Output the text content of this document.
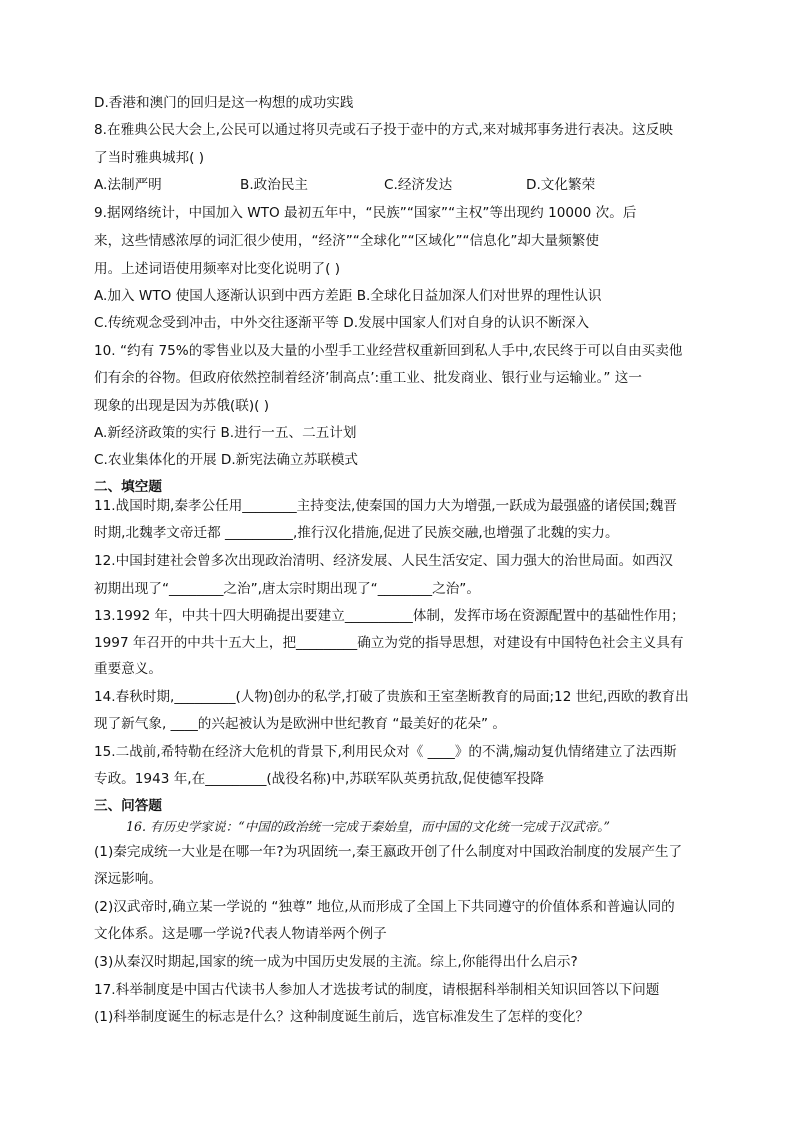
D.香港和澳门的回归是这一构想的成功实践
8.在雅典公民大会上,公民可以通过将贝壳或石子投于壶中的方式,来对城邦事务进行表决。这反映
了当时雅典城邦( )
A.法制严明	B.政治民主	C.经济发达	D.文化繁荣
9.据网络统计，中国加入 WTO 最初五年中，“民族”“国家”“主权”等出现约 10000 次。后
来，这些情感浓厚的词汇很少使用，“经济”“全球化”“区域化”“信息化”却大量频繁使
用。上述词语使用频率对比变化说明了( )
A.加入 WTO 使国人逐渐认识到中西方差距 B.全球化日益加深人们对世界的理性认识
C.传统观念受到冲击，中外交往逐渐平等 D.发展中国家人们对自身的认识不断深入
10. “约有 75%的零售业以及大量的小型手工业经营权重新回到私人手中,农民终于可以自由买卖他
们有余的谷物。但政府依然控制着经济’制高点’:重工业、批发商业、银行业与运输业。” 这一
现象的出现是因为苏俄(联)( )
A.新经济政策的实行 B.进行一五、二五计划
C.农业集体化的开展 D.新宪法确立苏联模式
二、填空题
11.战国时期,秦孝公任用________主持变法,使秦国的国力大为增强,一跃成为最强盛的诸侯国;魏晋
时期,北魏孝文帝迁都 __________,推行汉化措施,促进了民族交融,也增强了北魏的实力。
12.中国封建社会曾多次出现政治清明、经济发展、人民生活安定、国力强大的治世局面。如西汉
初期出现了“________之治”,唐太宗时期出现了“________之治”。
13.1992 年，中共十四大明确提出要建立__________体制，发挥市场在资源配置中的基础性作用；
1997 年召开的中共十五大上，把_________确立为党的指导思想，对建设有中国特色社会主义具有
重要意义。
14.春秋时期,_________(人物)创办的私学,打破了贵族和王室垄断教育的局面;12 世纪,西欧的教育出
现了新气象, ____的兴起被认为是欧洲中世纪教育 “最美好的花朵” 。
15.二战前,希特勒在经济大危机的背景下,利用民众对《 ____》的不满,煽动复仇情绪建立了法西斯
专政。1943 年,在_________(战役名称)中,苏联军队英勇抗敌,促使德军投降
三、问答题
16. 有历史学家说：“中国的政治统一完成于秦始皇，而中国的文化统一完成于汉武帝。”
(1)秦完成统一大业是在哪一年?为巩固统一,秦王嬴政开创了什么制度对中国政治制度的发展产生了
深远影响。
(2)汉武帝时,确立某一学说的 “独尊” 地位,从而形成了全国上下共同遵守的价值体系和普遍认同的
文化体系。这是哪一学说?代表人物请举两个例子
(3)从秦汉时期起,国家的统一成为中国历史发展的主流。综上,你能得出什么启示?
17.科举制度是中国古代读书人参加人才选拔考试的制度，请根据科举制相关知识回答以下问题
(1)科举制度诞生的标志是什么？这种制度诞生前后，选官标准发生了怎样的变化？
